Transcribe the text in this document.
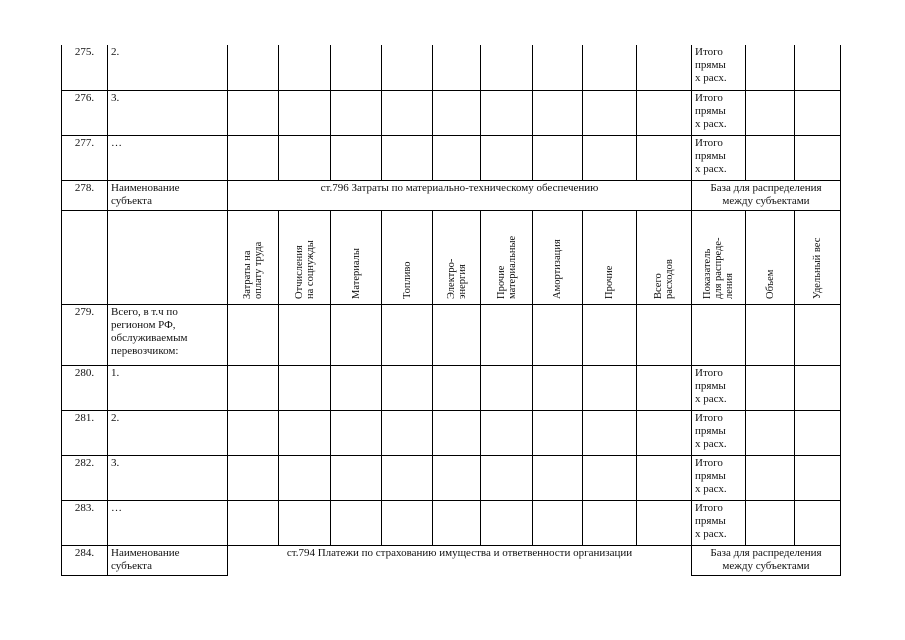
275.	2.										Итого
прямы
х расх.		
276.	3.										Итого
прямы
х расх.		
277.	…										Итого
прямы
х расх.		
278.	Наименование
субъекта	ст.796 Затраты по материально-техническому обеспечению									База для распределения
между субъектами		
		Затраты на
оплату труда	Отчисления
на соцнужды	Материалы	Топливо	Электро-
энергия	Прочие
материальные	Амортизация	Прочие	Всего
расходов	Показатель
для распреде-
ления	Объем	Удельный вес
279.	Всего, в т.ч по
регионом РФ,
обслуживаемым
перевозчиком:												
280.	1.										Итого
прямы
х расх.		
281.	2.										Итого
прямы
х расх.		
282.	3.										Итого
прямы
х расх.		
283.	…										Итого
прямы
х расх.		
284.	Наименование
субъекта	ст.794 Платежи по страхованию имущества и ответвенности организации									База для распределения
между субъектами		
